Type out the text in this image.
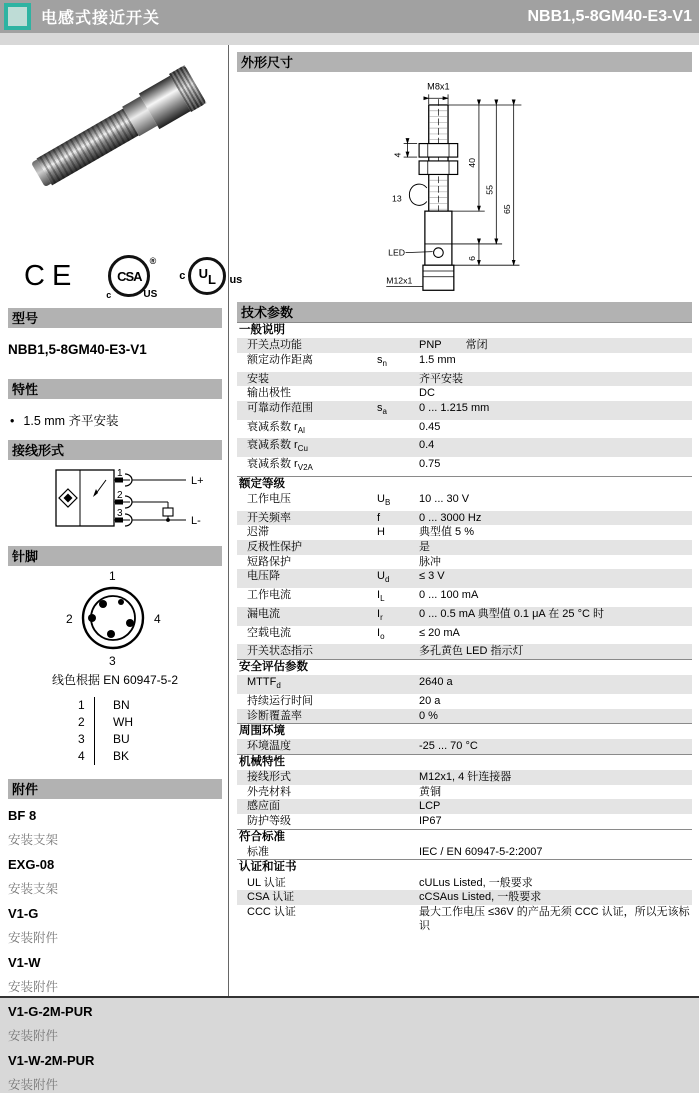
电感式接近开关	NBB1,5-8GM40-E3-V1
CE	CSA
c	US
®
U L
c	us
型号
NBB1,5-8GM40-E3-V1
特性
• 1.5 mm 齐平安装
接线形式
1
2
3
L+
L-
针脚
1
2	4
3
线色根据 EN 60947-5-2
1	BN
2	WH
3	BU
4	BK
附件
BF 8
安装支架
EXG-08
安装支架
V1-G
安装附件
V1-W
安装附件
V1-G-2M-PUR
安装附件
V1-W-2M-PUR
安装附件
外形尺寸
M8x1
4
13
LED
M12x1
40
55
65
6
技术参数
一般说明
开关点功能	PNP 常闭
额定动作距离	$s_n$	1.5 mm
安装	齐平安装
输出极性	DC
可靠动作范围	$s_a$	0 ... 1.215 mm
衰减系数 $r_{Al}$	0.45
衰减系数 $r_{Cu}$	0.4
衰减系数 $r_{V2A}$	0.75
额定等级
工作电压	$U_B$	10 ... 30 V
开关频率	f	0 ... 3000 Hz
迟滞	H	典型值 5 %
反极性保护	是
短路保护	脉冲
电压降	$U_d$	≤ 3 V
工作电流	$I_L$	0 ... 100 mA
漏电流	$I_r$	0 ... 0.5 mA 典型值 0.1 μA 在 25 °C 时
空载电流	$I_o$	≤ 20 mA
开关状态指示	多孔黄色 LED 指示灯
安全评估参数
$MTTF_d$	2640 a
持续运行时间	20 a
诊断覆盖率	0 %
周围环境
环境温度	-25 ... 70 °C
机械特性
接线形式	M12x1, 4 针连接器
外壳材料	黄铜
感应面	LCP
防护等级	IP67
符合标准
标准	IEC / EN 60947-5-2:2007
认证和证书
UL 认证	cULus Listed, 一般要求
CSA 认证	cCSAus Listed, 一般要求
CCC 认证	最大工作电压 ≤36V 的产品无须 CCC 认证，所以无该标识
